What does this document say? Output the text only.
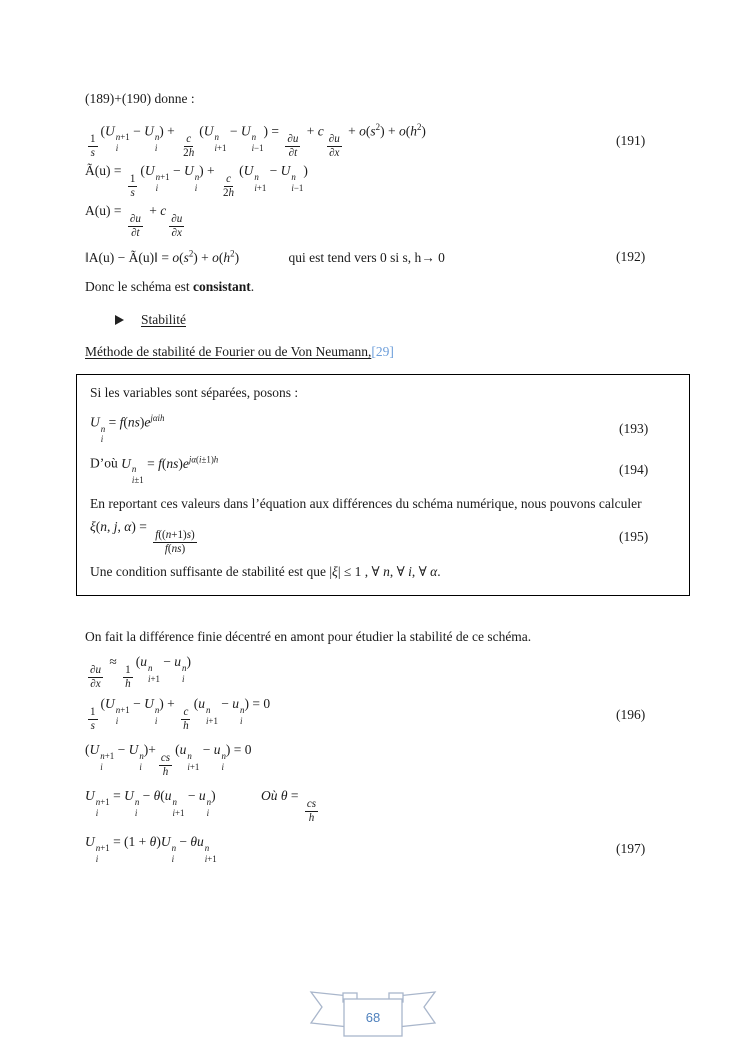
(189)+(190) donne :

$\frac{1}{s}$
(U n+1
i
− U n
i
) +
$\frac{c}{2h}$
(U n
i+1
− U n
i−1
) =
$\frac{\partial u}{\partial t}$
+ c
$\frac{\partial u}{\partial x}$
+ $o(s^2) + o(h^2)$
(191)
Ã(u) =
$\frac{1}{s}$
(U n+1
i
− U n
i
) +
$\frac{c}{2h}$
(U n
i+1
− U n
i−1
)
A(u) =
$\frac{\partial u}{\partial t}$
+ c
$\frac{\partial u}{\partial x}$
‖A(u) − Ã(u)‖ = $o(s^2) + o(h^2)$	qui est tend vers 0 si s, h→ 0	(192)

Donc le schéma est consistant.

Stabilité

Méthode de stabilité de Fourier ou de Von Neumann,[29]

Si les variables sont séparées, posons :

U n
i
= $f(ns)e^{j\alpha ih}$
(193)
D’où U n
i±1
= $f(ns)e^{j\alpha(i\pm 1)h}$
(194)

En reportant ces valeurs dans l’équation aux différences du schéma numérique, nous pouvons calculer

ξ(n, j, α) =
$\frac{f((n+1)s)}{f(ns)}$	(195)

Une condition suffisante de stabilité est que |ξ| ≤ 1 , ∀ n, ∀ i, ∀ α.

On fait la différence finie décentré en amont pour étudier la stabilité de ce schéma.

$\frac{\partial u}{\partial x}$
≈
$\frac{1}{h}$
(u n
i+1
− u n
i
)
$\frac{1}{s}$
(U n+1
i
− U n
i
) +
$\frac{c}{h}$
(u n
i+1
− u n
i
) = 0
(196)
(U n+1
i
− U n
i
)+
$\frac{cs}{h}$
(u n
i+1
− u n
i
) = 0
U n+1
i
= U n
i
− θ(u n
i+1
− u n
i
)	Où θ =
$\frac{cs}{h}$
U n+1
i
= (1 + θ)U n
i
− θu n
i+1
(197)
68
